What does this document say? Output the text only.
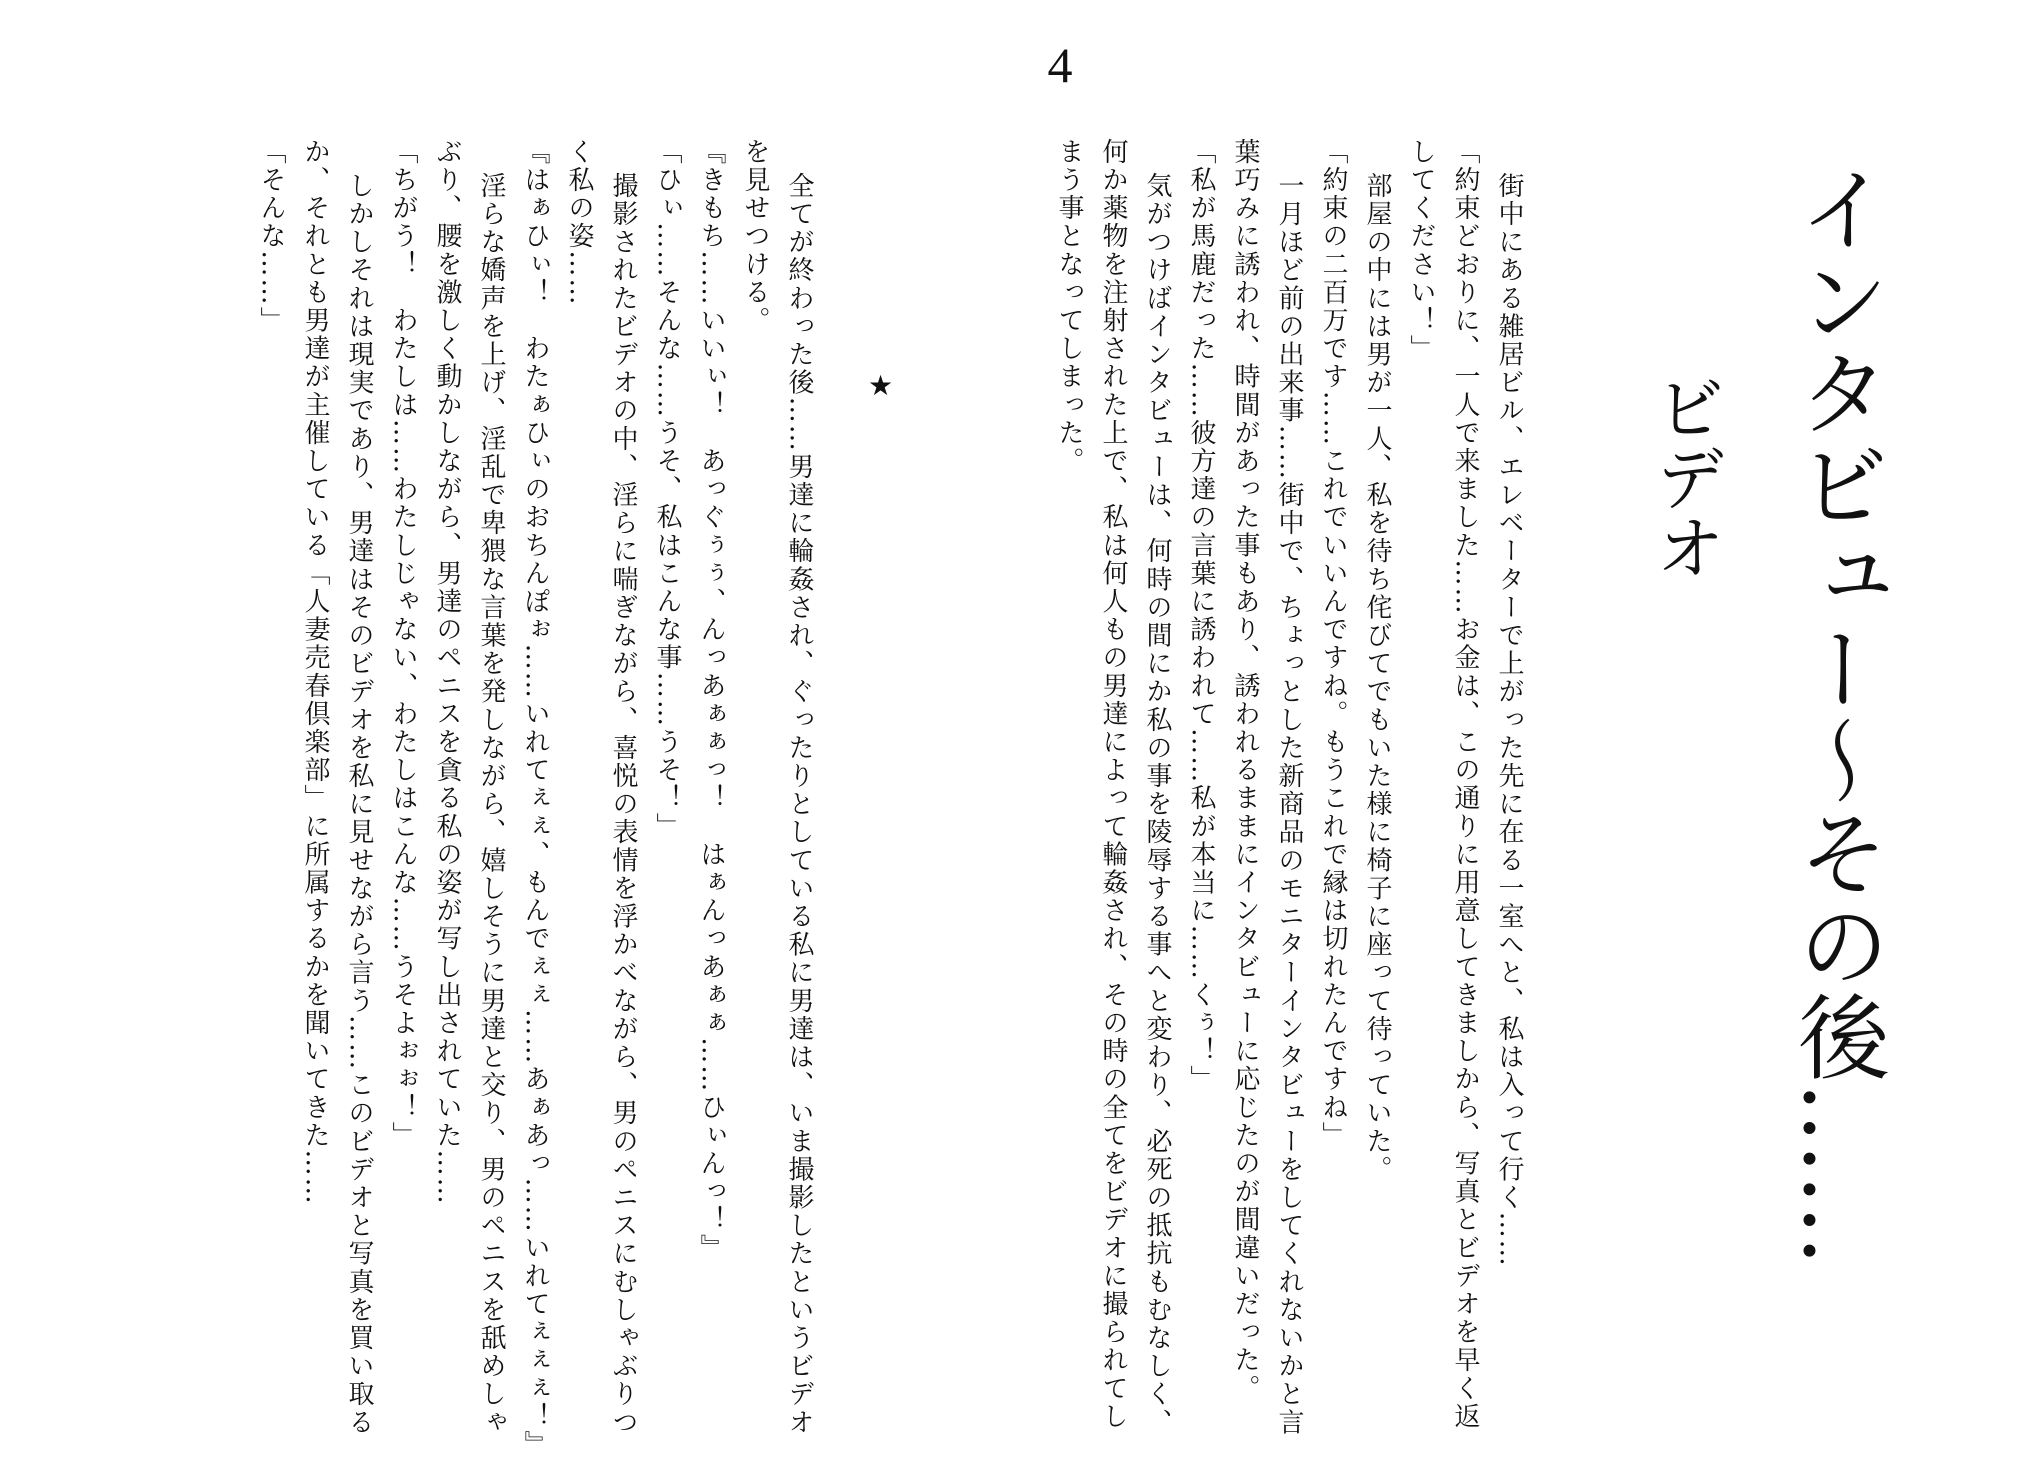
4
インタビュー～その後……
ビデオ
街中にある雑居ビル、エレベーターで上がった先に在る一室へと、私は入って行く……
「約束どおりに、一人で来ました……お金は、この通りに用意してきましから、写真とビデオを早く返
してください！」
部屋の中には男が一人、私を待ち侘びてでもいた様に椅子に座って待っていた。
「約束の二百万です……これでいいんですね。もうこれで縁は切れたんですね」
一月ほど前の出来事……街中で、ちょっとした新商品のモニターインタビューをしてくれないかと言
葉巧みに誘われ、時間があった事もあり、誘われるままにインタビューに応じたのが間違いだった。
「私が馬鹿だった……彼方達の言葉に誘われて……私が本当に……くぅ！」
気がつけばインタビューは、何時の間にか私の事を陵辱する事へと変わり、必死の抵抗もむなしく、
何か薬物を注射された上で、私は何人もの男達によって輪姦され、その時の全てをビデオに撮られてし
まう事となってしまった。
★
全てが終わった後……男達に輪姦され、ぐったりとしている私に男達は、いま撮影したというビデオ
を見せつける。
『きもち……いいぃ！　あっぐぅぅ、んっあぁぁっ！　はぁんっあぁぁ……ひぃんっ！』
「ひぃ……そんな……うそ、私はこんな事……うそ！」
撮影されたビデオの中、淫らに喘ぎながら、喜悦の表情を浮かべながら、男のペニスにむしゃぶりつ
く私の姿……
『はぁひぃ！　わたぁひぃのおちんぽぉ……いれてぇぇ、もんでぇぇ……あぁあっ……いれてぇぇぇ！』
淫らな嬌声を上げ、淫乱で卑猥な言葉を発しながら、嬉しそうに男達と交り、男のペニスを舐めしゃ
ぶり、腰を激しく動かしながら、男達のペニスを貪る私の姿が写し出されていた……
「ちがう！　わたしは……わたしじゃない、わたしはこんな……うそよぉぉ！」
しかしそれは現実であり、男達はそのビデオを私に見せながら言う……このビデオと写真を買い取る
か、それとも男達が主催している「人妻売春倶楽部」に所属するかを聞いてきた……
「そんな……」
